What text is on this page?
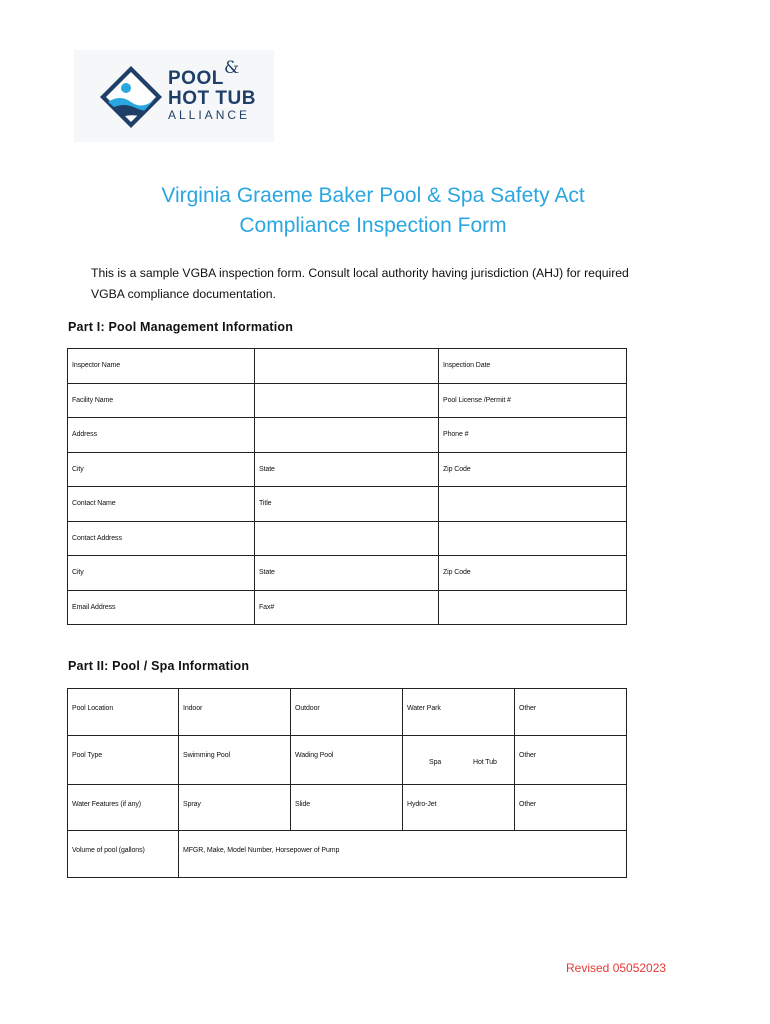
POOL &
HOT TUB
ALLIANCE
Virginia Graeme Baker Pool & Spa Safety Act
Compliance Inspection Form
This is a sample VGBA inspection form. Consult local authority having jurisdiction (AHJ) for required VGBA compliance documentation.
Part I: Pool Management Information
Inspector Name		Inspection Date
Facility Name		Pool License /Permit #
Address		Phone #
City	State	Zip Code
Contact Name	Title	
Contact Address		
City	State	Zip Code
Email Address	Fax#	
Part II: Pool / Spa Information
Pool Location	Indoor	Outdoor	Water Park	Other
Pool Type	Swimming Pool	Wading Pool	Spa Hot Tub	Other
Water Features (if any)	Spray	Slide	Hydro-Jet	Other
Volume of pool (gallons)	MFGR, Make, Model Number, Horsepower of Pump			
Revised 05052023
